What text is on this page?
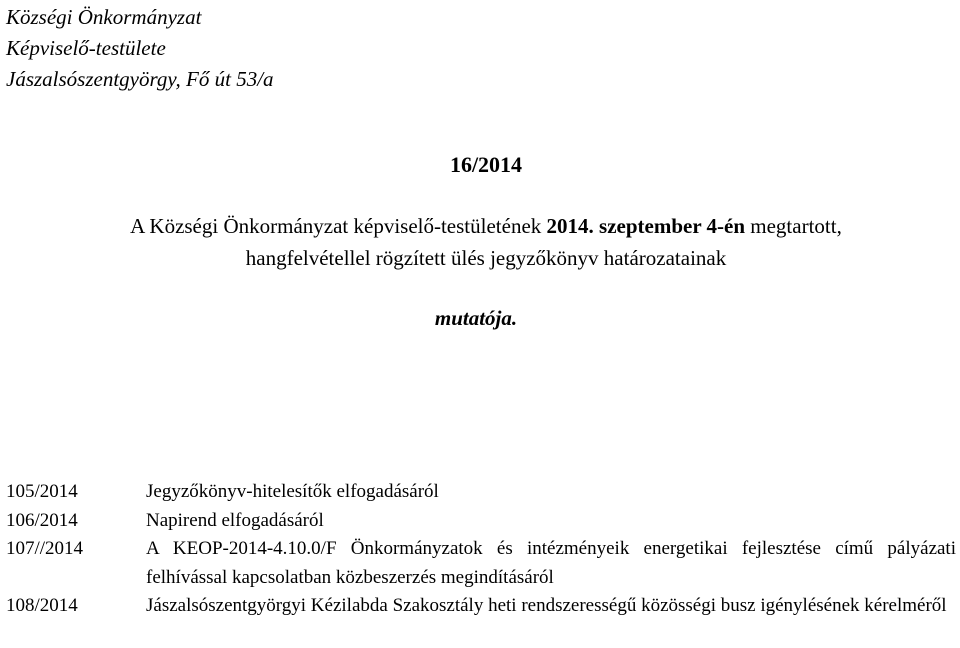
Községi Önkormányzat
Képviselő-testülete
Jászalsószentgyörgy, Fő út 53/a
16/2014
A Községi Önkormányzat képviselő-testületének 2014. szeptember 4-én megtartott,
hangfelvétellel rögzített ülés jegyzőkönyv határozatainak
mutatója.
105/2014	Jegyzőkönyv-hitelesítők elfogadásáról
106/2014	Napirend elfogadásáról
107//2014	A KEOP-2014-4.10.0/F Önkormányzatok és intézményeik energetikai fejlesztése című pályázati felhívással kapcsolatban közbeszerzés megindításáról
108/2014	Jászalsószentgyörgyi Kézilabda Szakosztály heti rendszerességű közösségi busz igénylésének kérelméről
